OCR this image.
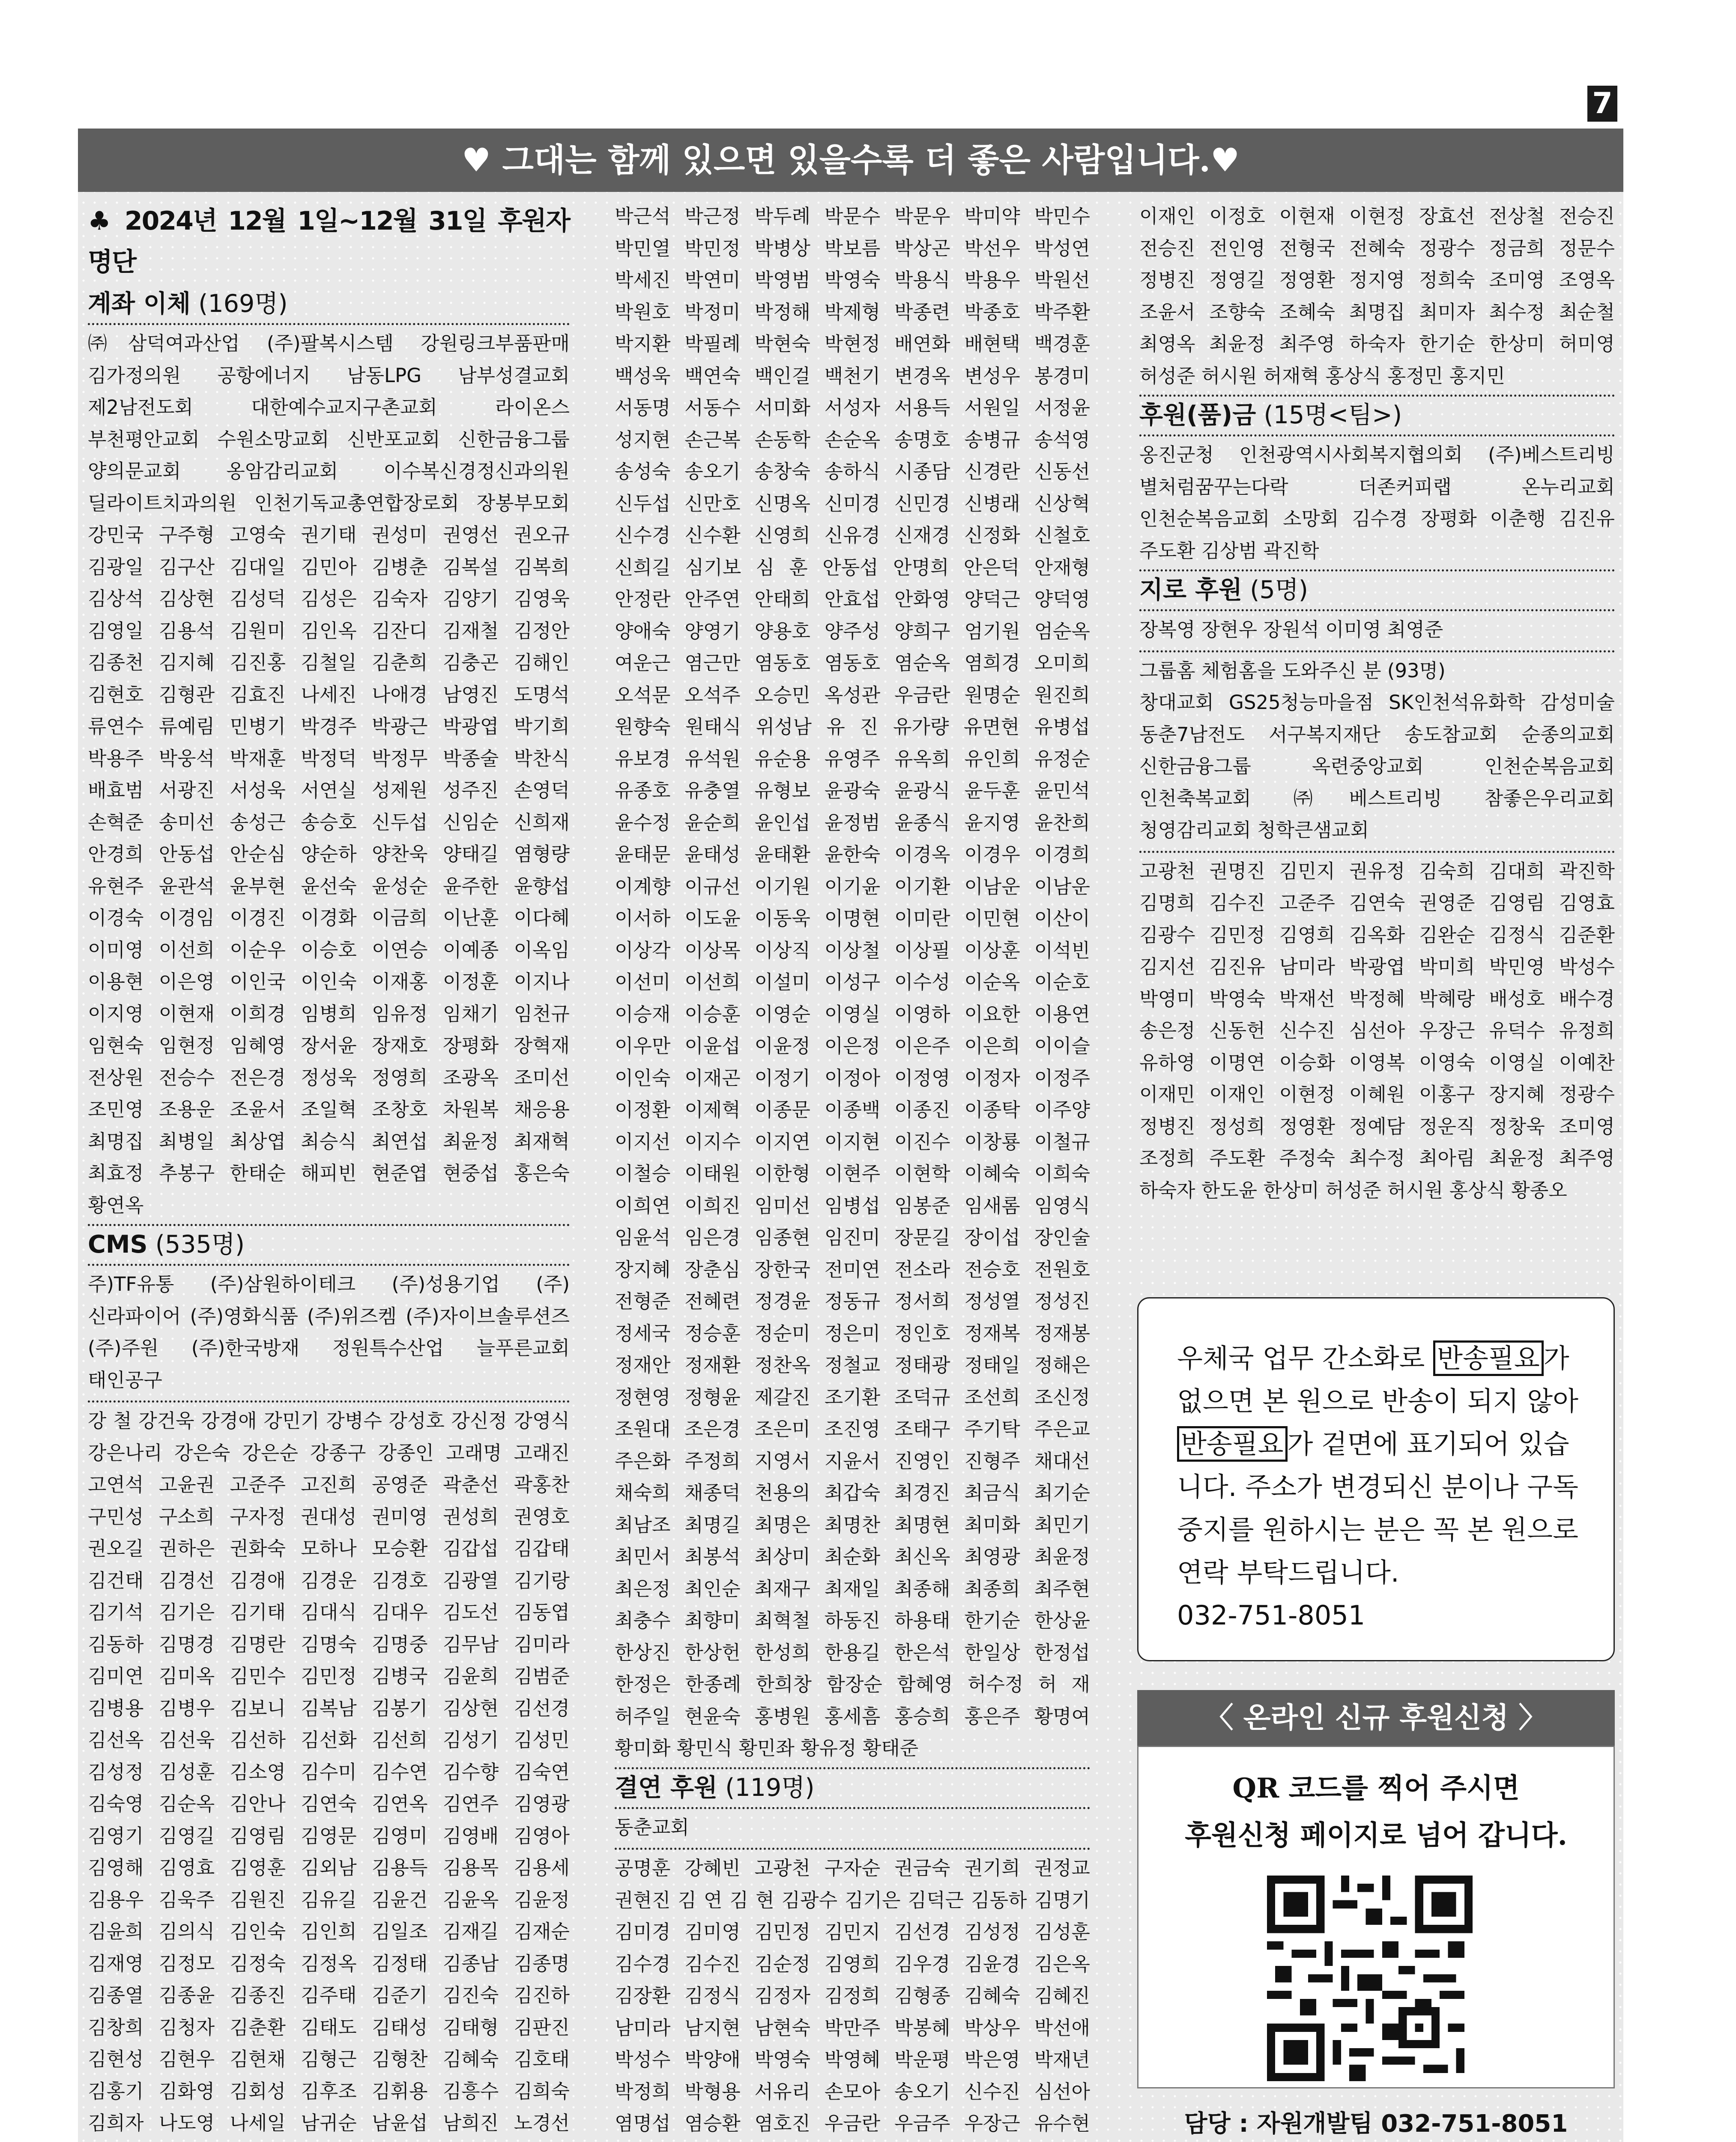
7
♥ 그대는 함께 있으면 있을수록 더 좋은 사람입니다.♥
♣ 2024년 12월 1일~12월 31일 후원자 명단
계좌 이체 (169명)
㈜삼덕여과산업 (주)팔복시스템 강원링크부품판매 김가정의원 공항에너지 남동LPG 남부성결교회 제2남전도회 대한예수교지구촌교회 라이온스 부천평안교회 수원소망교회 신반포교회 신한금융그룹 양의문교회 옹암감리교회 이수복신경정신과의원 딜라이트치과의원 인천기독교총연합장로회 장봉부모회 강민국 구주형 고영숙 권기태 권성미 권영선 권오규 김광일 김구산 김대일 김민아 김병춘 김복설 김복희 김상석 김상현 김성덕 김성은 김숙자 김양기 김영욱 김영일 김용석 김원미 김인옥 김잔디 김재철 김정안 김종천 김지혜 김진홍 김철일 김춘희 김충곤 김해인 김현호 김형관 김효진 나세진 나애경 남영진 도명석 류연수 류예림 민병기 박경주 박광근 박광엽 박기희 박용주 박웅석 박재훈 박정덕 박정무 박종술 박찬식 배효범 서광진 서성욱 서연실 성제원 성주진 손영덕 손혁준 송미선 송성근 송승호 신두섭 신임순 신희재 안경희 안동섭 안순심 양순하 양찬욱 양태길 염형량 유현주 윤관석 윤부현 윤선숙 윤성순 윤주한 윤향섭 이경숙 이경임 이경진 이경화 이금희 이난훈 이다혜 이미영 이선희 이순우 이승호 이연승 이예종 이옥임 이용현 이은영 이인국 이인숙 이재홍 이정훈 이지나 이지영 이현재 이희경 임병희 임유정 임채기 임천규 임현숙 임현정 임혜영 장서윤 장재호 장평화 장혁재 전상원 전승수 전은경 정성욱 정영희 조광옥 조미선 조민영 조용운 조윤서 조일혁 조창호 차원복 채응용 최명집 최병일 최상엽 최승식 최연섭 최윤정 최재혁 최효정 추봉구 한태순 해피빈 현준엽 현중섭 홍은숙 황연옥
CMS (535명)
주)TF유통 (주)삼원하이테크 (주)성용기업 (주)신라파이어 (주)영화식품 (주)위즈켐 (주)자이브솔루션즈 (주)주원 (주)한국방재 정원특수산업 늘푸른교회 태인공구
강 철 강건욱 강경애 강민기 강병수 강성호 강신정 강영식 강은나리 강은숙 강은순 강종구 강종인 고래명 고래진 고연석 고윤권 고준주 고진희 공영준 곽춘선 곽홍찬 구민성 구소희 구자정 권대성 권미영 권성희 권영호 권오길 권하은 권화숙 모하나 모승환 김갑섭 김갑태 김건태 김경선 김경애 김경운 김경호 김광열 김기랑 김기석 김기은 김기태 김대식 김대우 김도선 김동엽 김동하 김명경 김명란 김명숙 김명중 김무남 김미라 김미연 김미옥 김민수 김민정 김병국 김윤희 김범준 김병용 김병우 김보니 김복남 김봉기 김상현 김선경 김선옥 김선욱 김선하 김선화 김선희 김성기 김성민 김성정 김성훈 김소영 김수미 김수연 김수향 김숙연 김숙영 김순옥 김안나 김연숙 김연옥 김연주 김영광 김영기 김영길 김영림 김영문 김영미 김영배 김영아 김영해 김영효 김영훈 김외남 김용득 김용목 김용세 김용우 김욱주 김원진 김유길 김윤건 김윤옥 김윤정 김윤희 김의식 김인숙 김인희 김일조 김재길 김재순 김재영 김정모 김정숙 김정옥 김정태 김종남 김종명 김종열 김종윤 김종진 김주태 김준기 김진숙 김진하 김창희 김청자 김춘환 김태도 김태성 김태형 김판진 김현성 김현우 김현채 김형근 김형찬 김혜숙 김호태 김홍기 김화영 김회성 김후조 김휘용 김흥수 김희숙 김희자 나도영 나세일 남귀순 남윤섭 남희진 노경선
박근석 박근정 박두례 박문수 박문우 박미약 박민수 박민열 박민정 박병상 박보름 박상곤 박선우 박성연 박세진 박연미 박영범 박영숙 박용식 박용우 박원선 박원호 박정미 박정해 박제형 박종련 박종호 박주환 박지환 박필례 박현숙 박현정 배연화 배현택 백경훈 백성욱 백연숙 백인걸 백천기 변경옥 변성우 봉경미 서동명 서동수 서미화 서성자 서용득 서원일 서정윤 성지현 손근복 손동학 손순옥 송명호 송병규 송석영 송성숙 송오기 송창숙 송하식 시종담 신경란 신동선 신두섭 신만호 신명옥 신미경 신민경 신병래 신상혁 신수경 신수환 신영희 신유경 신재경 신정화 신철호 신희길 심기보 심 훈 안동섭 안명희 안은덕 안재형 안정란 안주연 안태희 안효섭 안화영 양덕근 양덕영 양애숙 양영기 양용호 양주성 양희구 엄기원 엄순옥 여운근 염근만 염동호 염동호 염순옥 염희경 오미희 오석문 오석주 오승민 옥성관 우금란 원명순 원진희 원향숙 원태식 위성남 유 진 유가량 유면현 유병섭 유보경 유석원 유순용 유영주 유옥희 유인희 유정순 유종호 유충열 유형보 윤광숙 윤광식 윤두훈 윤민석 윤수정 윤순희 윤인섭 윤정범 윤종식 윤지영 윤찬희 윤태문 윤태성 윤태환 윤한숙 이경옥 이경우 이경희 이계향 이규선 이기원 이기윤 이기환 이남운 이남운 이서하 이도윤 이동욱 이명현 이미란 이민현 이산이 이상각 이상목 이상직 이상철 이상필 이상훈 이석빈 이선미 이선희 이설미 이성구 이수성 이순옥 이순호 이승재 이승훈 이영순 이영실 이영하 이요한 이용연 이우만 이윤섭 이윤정 이은정 이은주 이은희 이이슬 이인숙 이재곤 이정기 이정아 이정영 이정자 이정주 이정환 이제혁 이종문 이종백 이종진 이종탁 이주양 이지선 이지수 이지연 이지현 이진수 이창룡 이철규 이철승 이태원 이한형 이현주 이현학 이혜숙 이희숙 이희연 이희진 임미선 임병섭 임봉준 임새롬 임영식 임윤석 임은경 임종현 임진미 장문길 장이섭 장인술 장지혜 장춘심 장한국 전미연 전소라 전승호 전원호 전형준 전혜련 정경윤 정동규 정서희 정성열 정성진 정세국 정승훈 정순미 정은미 정인호 정재복 정재봉 정재안 정재환 정찬옥 정철교 정태광 정태일 정해은 정현영 정형윤 제갈진 조기환 조덕규 조선희 조신정 조원대 조은경 조은미 조진영 조태구 주기탁 주은교 주은화 주정희 지영서 지윤서 진영인 진형주 채대선 채숙희 채종덕 천용의 최갑숙 최경진 최금식 최기순 최남조 최명길 최명은 최명찬 최명현 최미화 최민기 최민서 최봉석 최상미 최순화 최신옥 최영광 최윤정 최은정 최인순 최재구 최재일 최종해 최종희 최주현 최충수 최향미 최혁철 하동진 하용태 한기순 한상윤 한상진 한상헌 한성희 한용길 한은석 한일상 한정섭 한정은 한종례 한희창 함장순 함혜영 허수정 허 재 허주일 현윤숙 홍병원 홍세흠 홍승희 홍은주 황명여 황미화 황민식 황민좌 황유정 황태준
결연 후원 (119명)
동춘교회
공명훈 강혜빈 고광천 구자순 권금숙 권기희 권정교 권현진 김 연 김 현 김광수 김기은 김덕근 김동하 김명기 김미경 김미영 김민정 김민지 김선경 김성정 김성훈 김수경 김수진 김순정 김영희 김우경 김윤경 김은옥 김장환 김정식 김정자 김정희 김형종 김혜숙 김혜진 남미라 남지현 남현숙 박만주 박봉혜 박상우 박선애 박성수 박양애 박영숙 박영혜 박운평 박은영 박재년 박정희 박형용 서유리 손모아 송오기 신수진 심선아 염명섭 염승환 염호진 우금란 우금주 우장근 유수현
이재인 이정호 이현재 이현정 장효선 전상철 전승진 전승진 전인영 전형국 전혜숙 정광수 정금희 정문수 정병진 정영길 정영환 정지영 정희숙 조미영 조영옥 조윤서 조향숙 조혜숙 최명집 최미자 최수정 최순철 최영옥 최윤정 최주영 하숙자 한기순 한상미 허미영 허성준 허시원 허재혁 홍상식 홍정민 홍지민
후원(품)금 (15명<팀>)
옹진군청 인천광역시사회복지협의회 (주)베스트리빙 별처럼꿈꾸는다락 더존커피랩 온누리교회 인천순복음교회 소망회 김수경 장평화 이춘행 김진유 주도환 김상범 곽진학
지로 후원 (5명)
장복영 장현우 장원석 이미영 최영준
그룹홈 체험홈을 도와주신 분 (93명)
창대교회 GS25청능마을점 SK인천석유화학 감성미술 동춘7남전도 서구복지재단 송도참교회 순종의교회 신한금융그룹 옥련중앙교회 인천순복음교회 인천축복교회 ㈜베스트리빙 참좋은우리교회 청영감리교회 청학큰샘교회
고광천 권명진 김민지 권유정 김숙희 김대희 곽진학 김명희 김수진 고준주 김연숙 권영준 김영림 김영효 김광수 김민정 김영희 김옥화 김완순 김정식 김준환 김지선 김진유 남미라 박광엽 박미희 박민영 박성수 박영미 박영숙 박재선 박정혜 박혜랑 배성호 배수경 송은정 신동헌 신수진 심선아 우장근 유덕수 유정희 유하영 이명연 이승화 이영복 이영숙 이영실 이예찬 이재민 이재인 이현정 이혜원 이홍구 장지혜 정광수 정병진 정성희 정영환 정예담 정운직 정창욱 조미영 조정희 주도환 주정숙 최수정 최아림 최윤정 최주영 하숙자 한도윤 한상미 허성준 허시원 홍상식 황종오
우체국 업무 간소화로 반송필요 가 없으면 본 원으로 반송이 되지 않아 반송필요 가 겉면에 표기되어 있습니다. 주소가 변경되신 분이나 구독 중지를 원하시는 분은 꼭 본 원으로 연락 부탁드립니다.
032-751-8051
〈 온라인 신규 후원신청 〉
QR 코드를 찍어 주시면
후원신청 페이지로 넘어 갑니다.
담당 : 자원개발팀 032-751-8051
